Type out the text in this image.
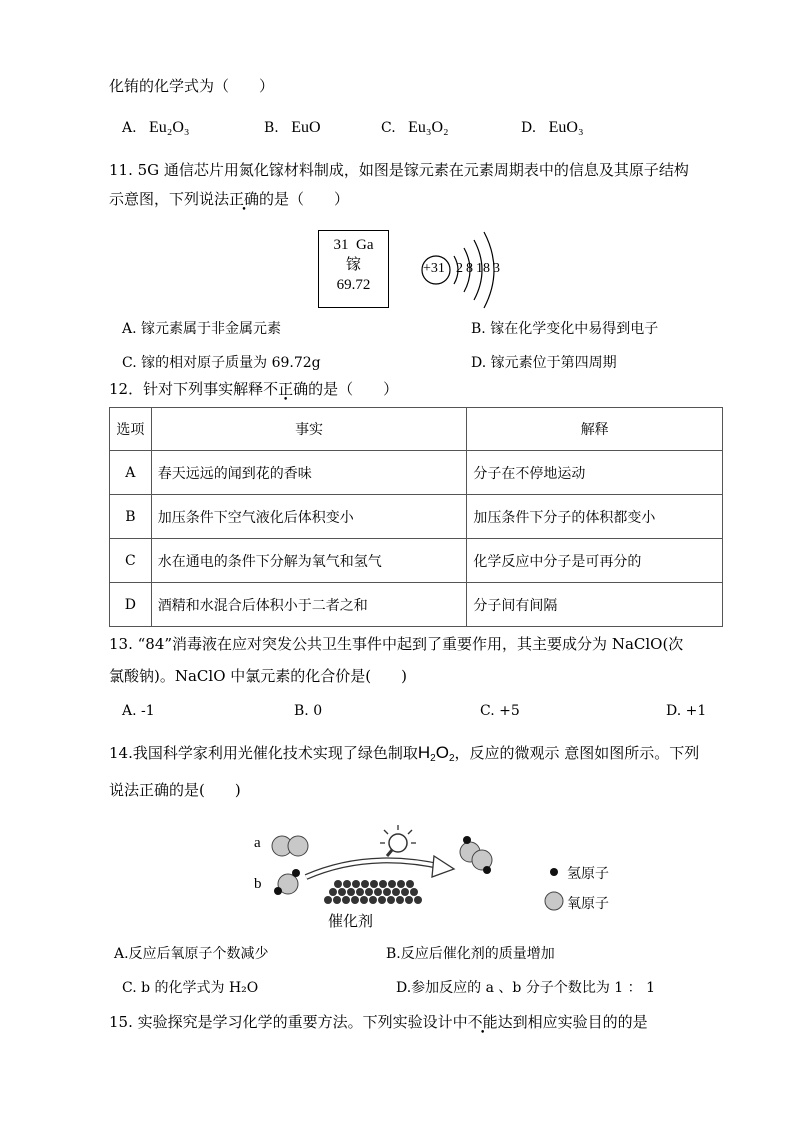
化铕的化学式为（　　）
A. Eu₂O₃	B. EuO	C. Eu₃O₂	D. EuO₃
11. 5G 通信芯片用氮化镓材料制成，如图是镓元素在元素周期表中的信息及其原子结构
示意图，下列说法正确的是（　　）
31 Ga
镓
69.72
+31 2 8 18 3
A. 镓元素属于非金属元素	B. 镓在化学变化中易得到电子
C. 镓的相对原子质量为 69.72g	D. 镓元素位于第四周期
12．针对下列事实解释不正确的是（　　）
选项	事实	解释
A	春天远远的闻到花的香味	分子在不停地运动
B	加压条件下空气液化后体积变小	加压条件下分子的体积都变小
C	水在通电的条件下分解为氧气和氢气	化学反应中分子是可再分的
D	酒精和水混合后体积小于二者之和	分子间有间隔
13. “84”消毒液在应对突发公共卫生事件中起到了重要作用，其主要成分为 NaClO(次
氯酸钠)。NaClO 中氯元素的化合价是(　　)
A. -1	B. 0	C. +5	D. +1
14.我国科学家利用光催化技术实现了绿色制取$H_2O_2$，反应的微观示 意图如图所示。下列
说法正确的是(　　)
a
b
催化剂
氢原子
氧原子
A.反应后氧原子个数减少	B.反应后催化剂的质量增加
C. b 的化学式为 H₂O	D.参加反应的 a 、b 分子个数比为 1 ： 1
15. 实验探究是学习化学的重要方法。下列实验设计中不能达到相应实验目的的是
